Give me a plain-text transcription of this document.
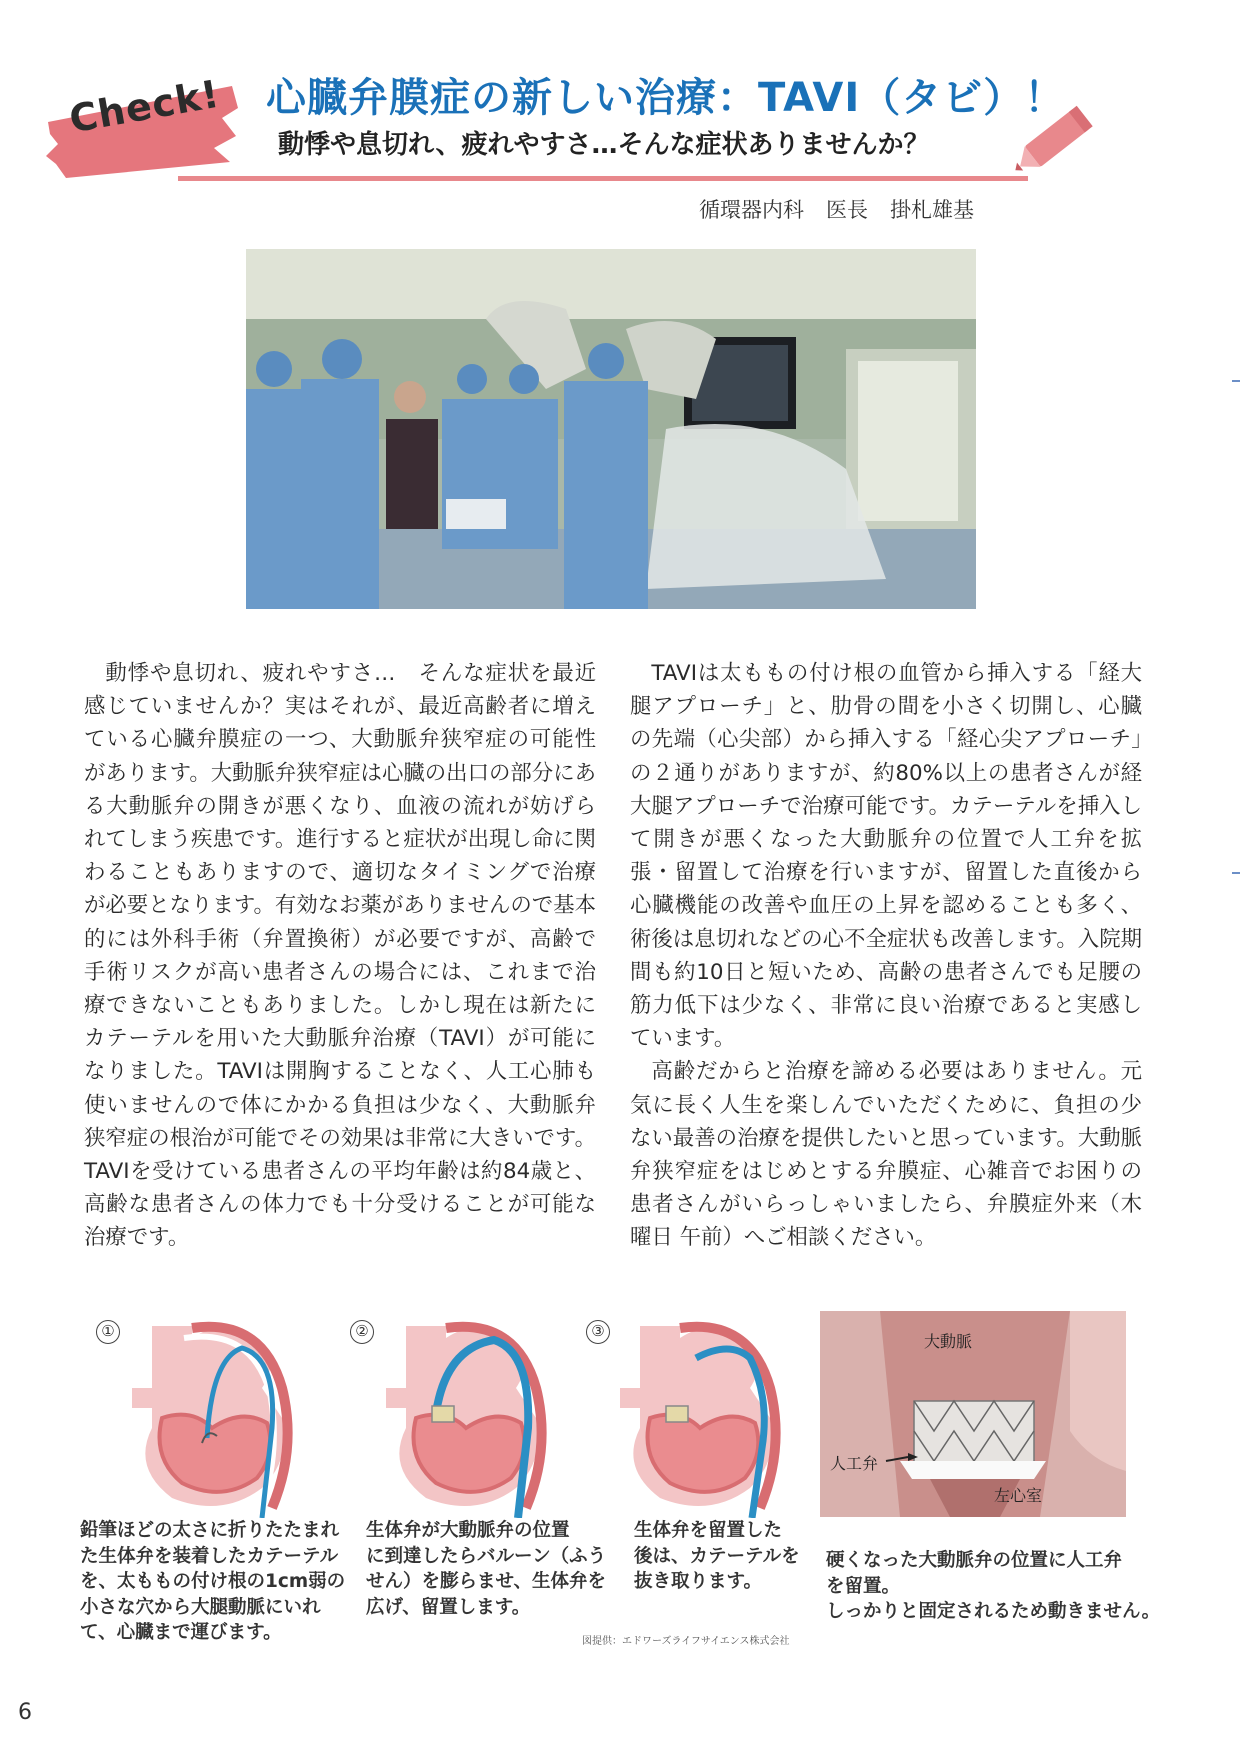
Check! 心臓弁膜症の新しい治療：TAVI（タビ）！
動悸や息切れ、疲れやすさ…そんな症状ありませんか？
循環器内科 医長 掛札雄基

動悸や息切れ、疲れやすさ…　そんな症状を最近感じていませんか？実はそれが、最近高齢者に増えている心臓弁膜症の一つ、大動脈弁狭窄症の可能性があります。大動脈弁狭窄症は心臓の出口の部分にある大動脈弁の開きが悪くなり、血液の流れが妨げられてしまう疾患です。進行すると症状が出現し命に関わることもありますので、適切なタイミングで治療が必要となります。有効なお薬がありませんので基本的には外科手術（弁置換術）が必要ですが、高齢で手術リスクが高い患者さんの場合には、これまで治療できないこともありました。しかし現在は新たにカテーテルを用いた大動脈弁治療（TAVI）が可能になりました。TAVIは開胸することなく、人工心肺も使いませんので体にかかる負担は少なく、大動脈弁狭窄症の根治が可能でその効果は非常に大きいです。TAVIを受けている患者さんの平均年齢は約84歳と、高齢な患者さんの体力でも十分受けることが可能な治療です。

TAVIは太ももの付け根の血管から挿入する「経大腿アプローチ」と、肋骨の間を小さく切開し、心臓の先端（心尖部）から挿入する「経心尖アプローチ」の２通りがありますが、約80%以上の患者さんが経大腿アプローチで治療可能です。カテーテルを挿入して開きが悪くなった大動脈弁の位置で人工弁を拡張・留置して治療を行いますが、留置した直後から心臓機能の改善や血圧の上昇を認めることも多く、術後は息切れなどの心不全症状も改善します。入院期間も約10日と短いため、高齢の患者さんでも足腰の筋力低下は少なく、非常に良い治療であると実感しています。

高齢だからと治療を諦める必要はありません。元気に長く人生を楽しんでいただくために、負担の少ない最善の治療を提供したいと思っています。大動脈弁狭窄症をはじめとする弁膜症、心雑音でお困りの患者さんがいらっしゃいましたら、弁膜症外来（木曜日 午前）へご相談ください。

①
鉛筆ほどの太さに折りたたまれ
た生体弁を装着したカテーテル
を、太ももの付け根の1cm弱の
小さな穴から大腿動脈にいれ
て、心臓まで運びます。
②
生体弁が大動脈弁の位置
に到達したらバルーン（ふう
せん）を膨らませ、生体弁を
広げ、留置します。
③
生体弁を留置した
後は、カテーテルを
抜き取ります。
図提供：エドワーズライフサイエンス株式会社
大動脈
人工弁
左心室
硬くなった大動脈弁の位置に人工弁
を留置。
しっかりと固定されるため動きません。
6
